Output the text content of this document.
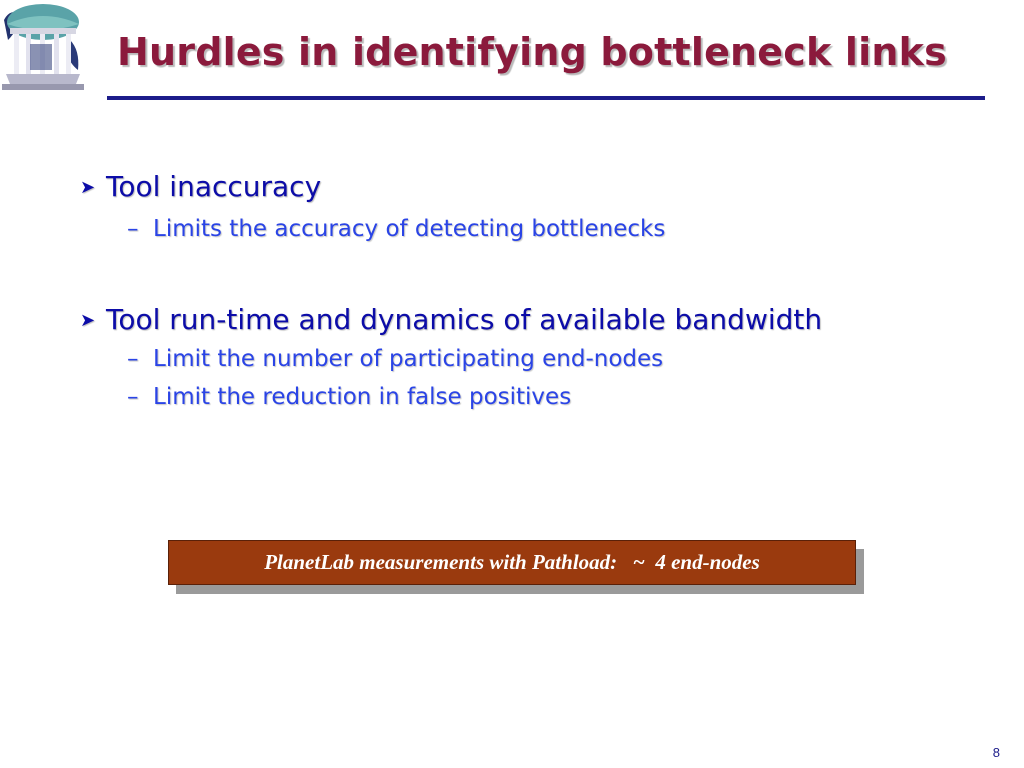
Hurdles in identifying bottleneck links
➤ Tool inaccuracy
– Limits the accuracy of detecting bottlenecks
➤ Tool run-time and dynamics of available bandwidth
– Limit the number of participating end-nodes
– Limit the reduction in false positives
PlanetLab measurements with Pathload:   ~  4 end-nodes
8
